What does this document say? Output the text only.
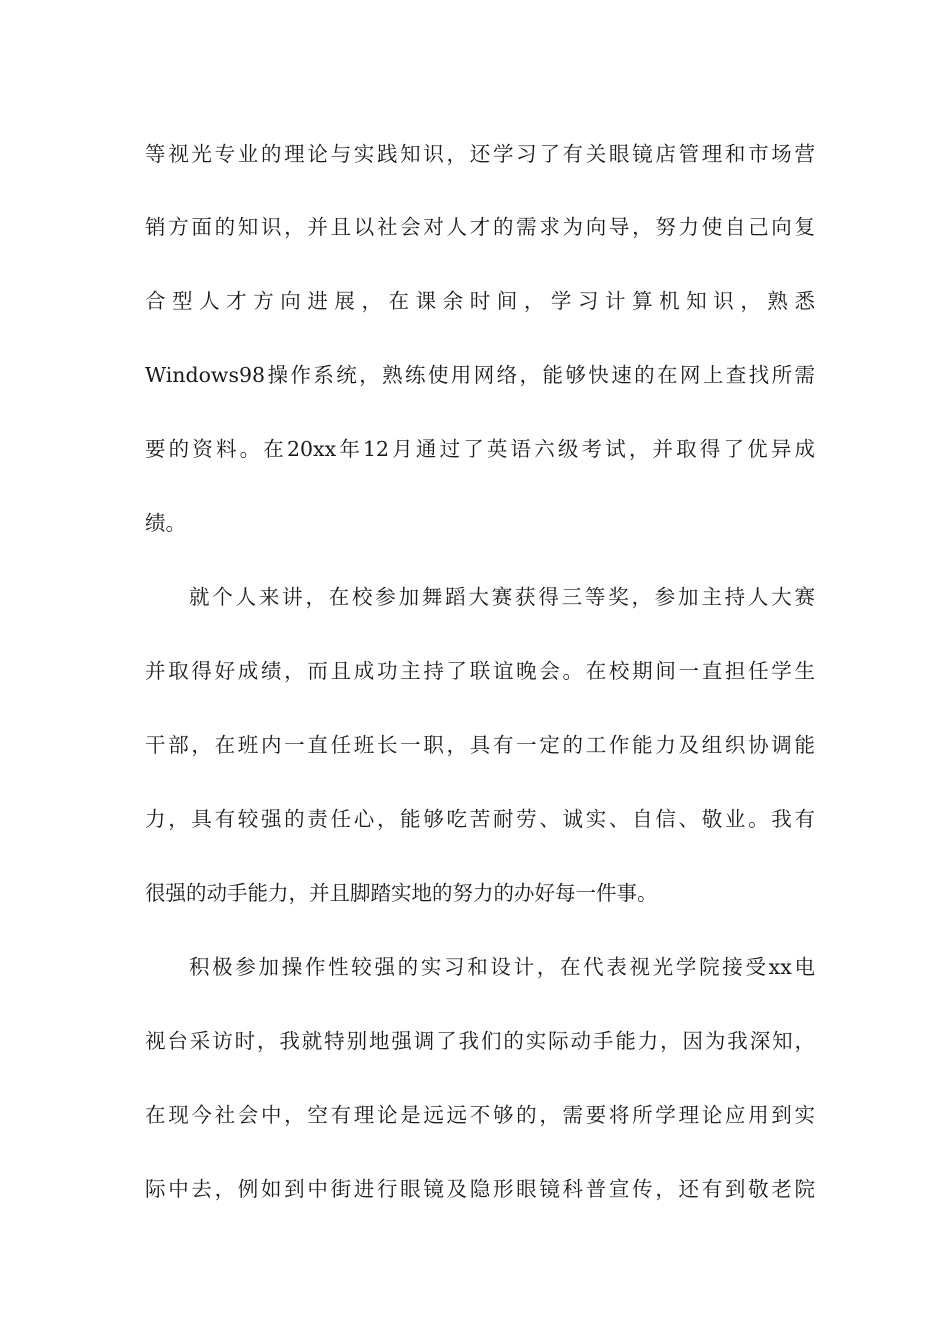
等视光专业的理论与实践知识，还学习了有关眼镜店管理和市场营
销方面的知识，并且以社会对人才的需求为向导，努力使自己向复
合型人才方向进展，在课余时间，学习计算机知识，熟悉
Windows98操作系统，熟练使用网络，能够快速的在网上查找所需
要的资料。在20xx年12月通过了英语六级考试，并取得了优异成
绩。
就个人来讲，在校参加舞蹈大赛获得三等奖，参加主持人大赛
并取得好成绩，而且成功主持了联谊晚会。在校期间一直担任学生
干部，在班内一直任班长一职，具有一定的工作能力及组织协调能
力，具有较强的责任心，能够吃苦耐劳、诚实、自信、敬业。我有
很强的动手能力，并且脚踏实地的努力的办好每一件事。
积极参加操作性较强的实习和设计，在代表视光学院接受xx电
视台采访时，我就特别地强调了我们的实际动手能力，因为我深知，
在现今社会中，空有理论是远远不够的，需要将所学理论应用到实
际中去，例如到中街进行眼镜及隐形眼镜科普宣传，还有到敬老院
